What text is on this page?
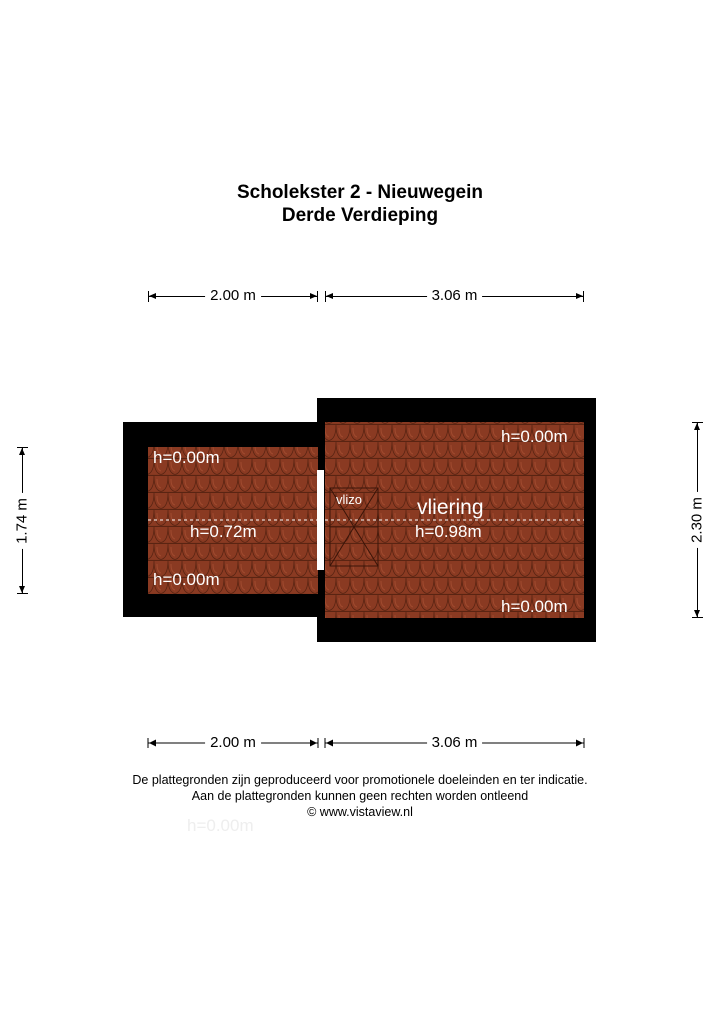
Scholekster 2 - Nieuwegein
Derde Verdieping
2.00 m	3.06 m
1.74 m	2.30 m
2.00 m	3.06 m
h=0.00m
h=0.72m
h=0.00m
h=0.00m
vlizo	vliering
h=0.98m
h=0.00m
De plattegronden zijn geproduceerd voor promotionele doeleinden en ter indicatie.
Aan de plattegronden kunnen geen rechten worden ontleend
© www.vistaview.nl
h=0.00m
